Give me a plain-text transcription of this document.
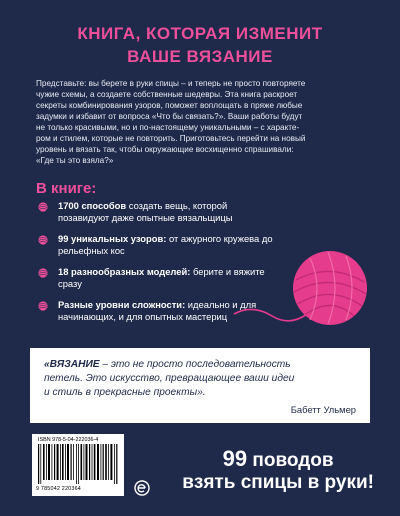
КНИГА, КОТОРАЯ ИЗМЕНИТ
ВАШЕ ВЯЗАНИЕ
Представьте: вы берете в руки спицы – и теперь не просто повторяете
чужие схемы, а создаете собственные шедевры. Эта книга раскроет
секреты комбинирования узоров, поможет воплощать в пряже любые
задумки и избавит от вопроса «Что бы связать?». Ваши работы будут
не только красивыми, но и по-настоящему уникальными – с характе-
ром и стилем, которые не повторить. Приготовьтесь перейти на новый
уровень и вязать так, чтобы окружающие восхищенно спрашивали:
«Где ты это взяла?»
В книге:
1700 способов создать вещь, которой позавидуют даже опытные вязальщицы
99 уникальных узоров: от ажурного кружева до рельефных кос
18 разнообразных моделей: берите и вяжите сразу
Разные уровни сложности: идеально и для начинающих, и для опытных мастериц
«ВЯЗАНИЕ – это не просто последовательность
петель. Это искусство, превращающее ваши идеи
и стиль в прекрасные проекты».
Бабетт Ульмер
ISBN 978-5-04-222036-4
9 785042 220364
99 поводов
взять спицы в руки!
